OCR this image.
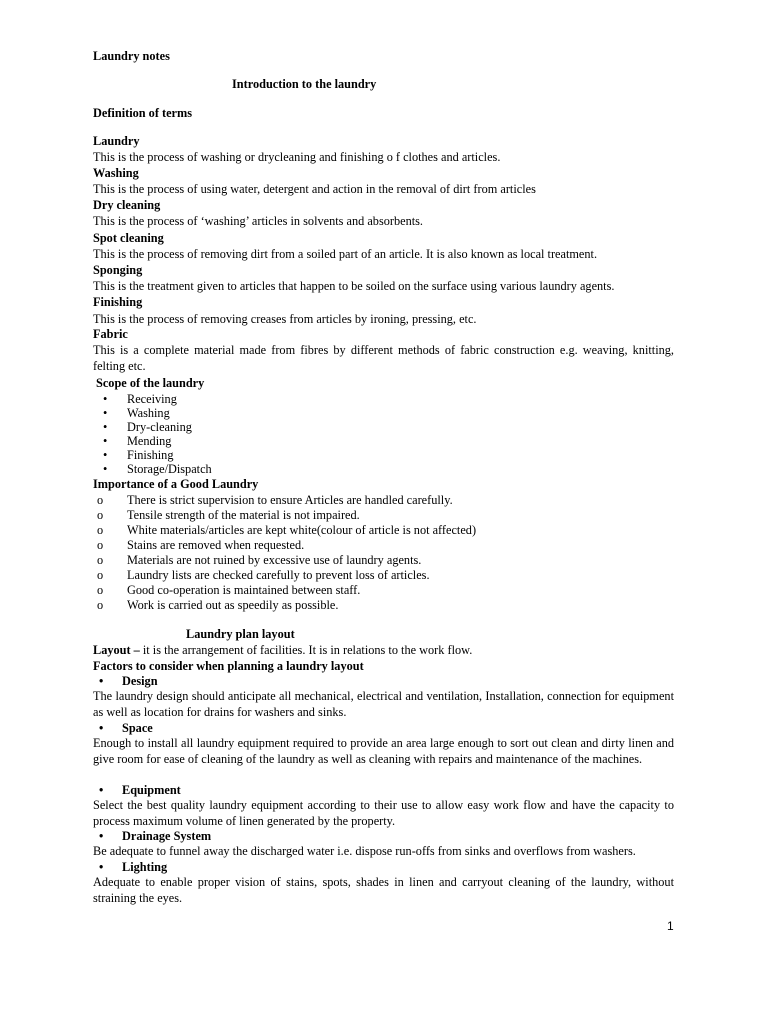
Laundry notes
Introduction to the laundry
Definition of terms
Laundry
This is the process of washing or drycleaning and finishing o f clothes and articles.
Washing
This is the process of using water, detergent and action in the removal of dirt from articles
Dry cleaning
This is the process of ‘washing’ articles in solvents and absorbents.
Spot cleaning
This is the process of removing dirt from a soiled part of an article. It is also known as local treatment.
Sponging
This is the treatment given to articles that happen to be soiled on the surface using various laundry agents.
Finishing
This is the process of removing creases from articles by ironing, pressing, etc.
Fabric
This is a complete material made from fibres by different methods of fabric construction e.g. weaving, knitting, felting etc.
Scope of the laundry
• Receiving
• Washing
• Dry-cleaning
• Mending
• Finishing
• Storage/Dispatch
Importance of a Good Laundry
o There is strict supervision to ensure Articles are handled carefully.
o Tensile strength of the material is not impaired.
o White materials/articles are kept white(colour of article is not affected)
o Stains are removed when requested.
o Materials are not ruined by excessive use of laundry agents.
o Laundry lists are checked carefully to prevent loss of articles.
o Good co-operation is maintained between staff.
o Work is carried out as speedily as possible.
Laundry plan layout
Layout – it is the arrangement of facilities. It is in relations to the work flow.
Factors to consider when planning a laundry layout
• Design
The laundry design should anticipate all mechanical, electrical and ventilation, Installation, connection for equipment as well as location for drains for washers and sinks.
• Space
Enough to install all laundry equipment required to provide an area large enough to sort out clean and dirty linen and give room for ease of cleaning of the laundry as well as cleaning with repairs and maintenance of the machines.
• Equipment
Select the best quality laundry equipment according to their use to allow easy work flow and have the capacity to process maximum volume of linen generated by the property.
• Drainage System
Be adequate to funnel away the discharged water i.e. dispose run-offs from sinks and overflows from washers.
• Lighting
Adequate to enable proper vision of stains, spots, shades in linen and carryout cleaning of the laundry, without straining the eyes.
1
